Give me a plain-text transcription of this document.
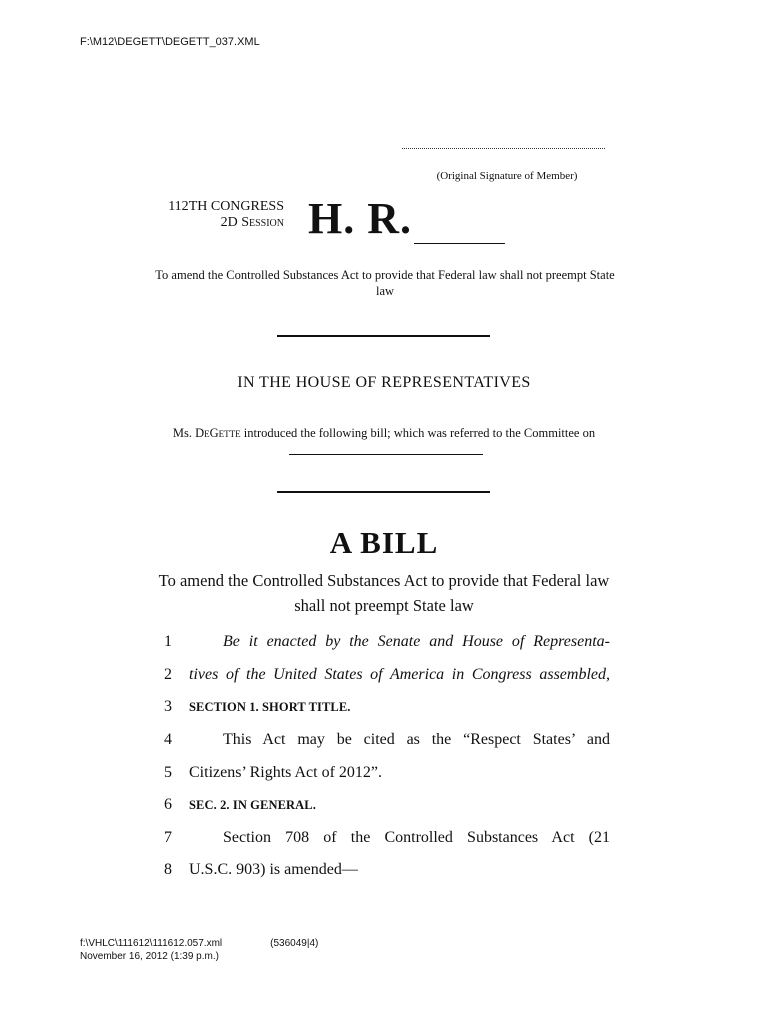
F:\M12\DEGETT\DEGETT_037.XML
(Original Signature of Member)
112TH CONGRESS
2D Session H. R.
To amend the Controlled Substances Act to provide that Federal law shall not preempt State law
IN THE HOUSE OF REPRESENTATIVES
Ms. DeGette introduced the following bill; which was referred to the Committee on
A BILL
To amend the Controlled Substances Act to provide that Federal law shall not preempt State law
1	Be it enacted by the Senate and House of Representa-
2 tives of the United States of America in Congress assembled,
3	SECTION 1. SHORT TITLE.
4	This Act may be cited as the “Respect States’ and
5 Citizens’ Rights Act of 2012”.
6	SEC. 2. IN GENERAL.
7	Section 708 of the Controlled Substances Act (21
8 U.S.C. 903) is amended—
f:\VHLC\111612\111612.057.xml	(536049|4)
November 16, 2012 (1:39 p.m.)
